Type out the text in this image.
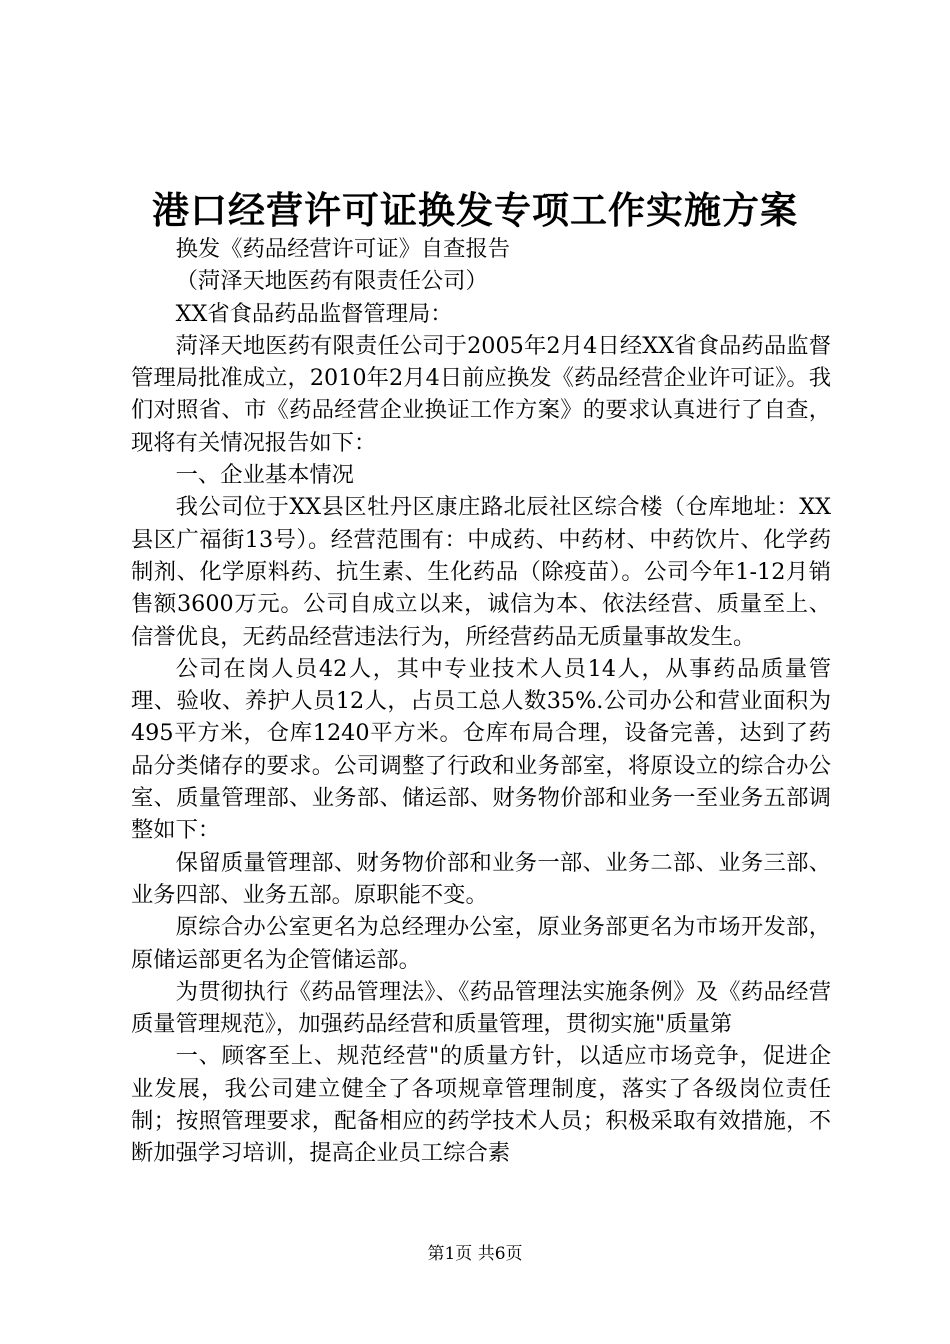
港口经营许可证换发专项工作实施方案

换发《药品经营许可证》自查报告

（菏泽天地医药有限责任公司）

XX省食品药品监督管理局：

菏泽天地医药有限责任公司于2005年2月4日经XX省食品药品监督管理局批准成立，2010年2月4日前应换发《药品经营企业许可证》。我们对照省、市《药品经营企业换证工作方案》的要求认真进行了自查，现将有关情况报告如下：

一、企业基本情况

我公司位于XX县区牡丹区康庄路北辰社区综合楼（仓库地址：XX县区广福街13号）。经营范围有：中成药、中药材、中药饮片、化学药制剂、化学原料药、抗生素、生化药品（除疫苗）。公司今年1-12月销售额3600万元。公司自成立以来，诚信为本、依法经营、质量至上、信誉优良，无药品经营违法行为，所经营药品无质量事故发生。

公司在岗人员42人，其中专业技术人员14人，从事药品质量管理、验收、养护人员12人，占员工总人数35%.公司办公和营业面积为495平方米，仓库1240平方米。仓库布局合理，设备完善，达到了药品分类储存的要求。公司调整了行政和业务部室，将原设立的综合办公室、质量管理部、业务部、储运部、财务物价部和业务一至业务五部调整如下：

保留质量管理部、财务物价部和业务一部、业务二部、业务三部、业务四部、业务五部。原职能不变。

原综合办公室更名为总经理办公室，原业务部更名为市场开发部，原储运部更名为企管储运部。

为贯彻执行《药品管理法》、《药品管理法实施条例》及《药品经营质量管理规范》，加强药品经营和质量管理，贯彻实施"质量第

一、顾客至上、规范经营"的质量方针，以适应市场竞争，促进企业发展，我公司建立健全了各项规章管理制度，落实了各级岗位责任制；按照管理要求，配备相应的药学技术人员；积极采取有效措施，不断加强学习培训，提高企业员工综合素

第1页 共6页
